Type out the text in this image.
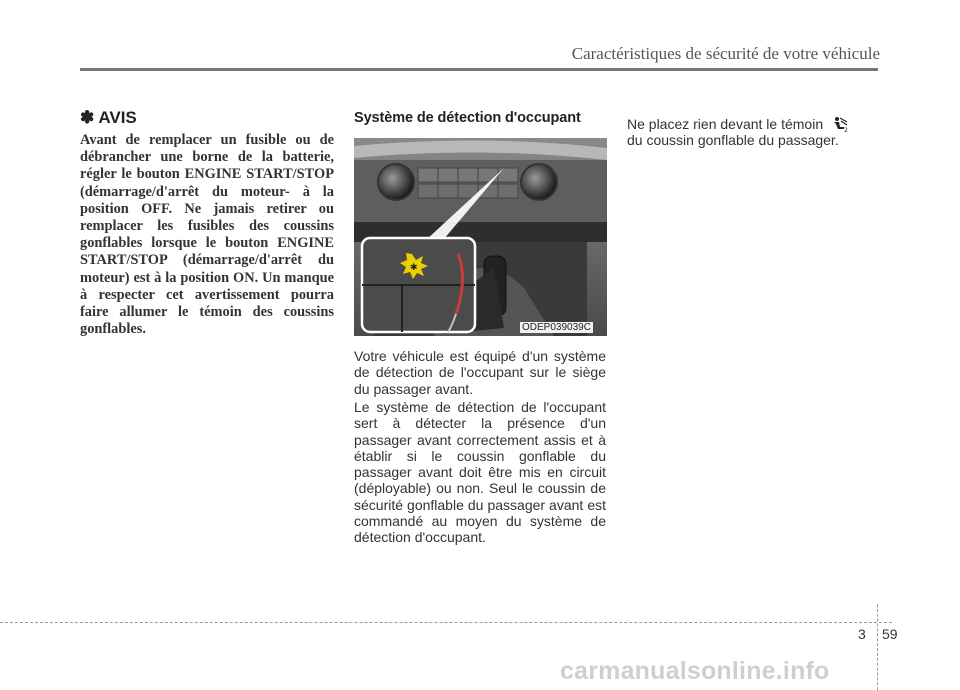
Caractéristiques de sécurité de votre véhicule
✽ AVIS

Avant de remplacer un fusible ou de débrancher une borne de la batterie, régler le bouton ENGINE START/STOP (démarrage/d'arrêt du moteur- à la position OFF. Ne jamais retirer ou remplacer les fusibles des coussins gonflables lorsque le bouton ENGINE START/STOP (démarrage/d'arrêt du moteur) est à la position ON. Un manque à respecter cet avertissement pourra faire allumer le témoin des coussins gonflables.

Système de détection d'occupant
✱
ODEP039039C

Votre véhicule est équipé d'un système de détection de l'occupant sur le siège du passager avant.

Le système de détection de l'occupant sert à détecter la présence d'un passager avant correctement assis et à établir si le coussin gonflable du passager avant doit être mis en circuit (déployable) ou non. Seul le coussin de sécurité gonflable du passager avant est commandé au moyen du système de détection d'occupant.

Ne placez rien devant le témoin	2

du coussin gonflable du passager.

3 59
carmanualsonline.info
